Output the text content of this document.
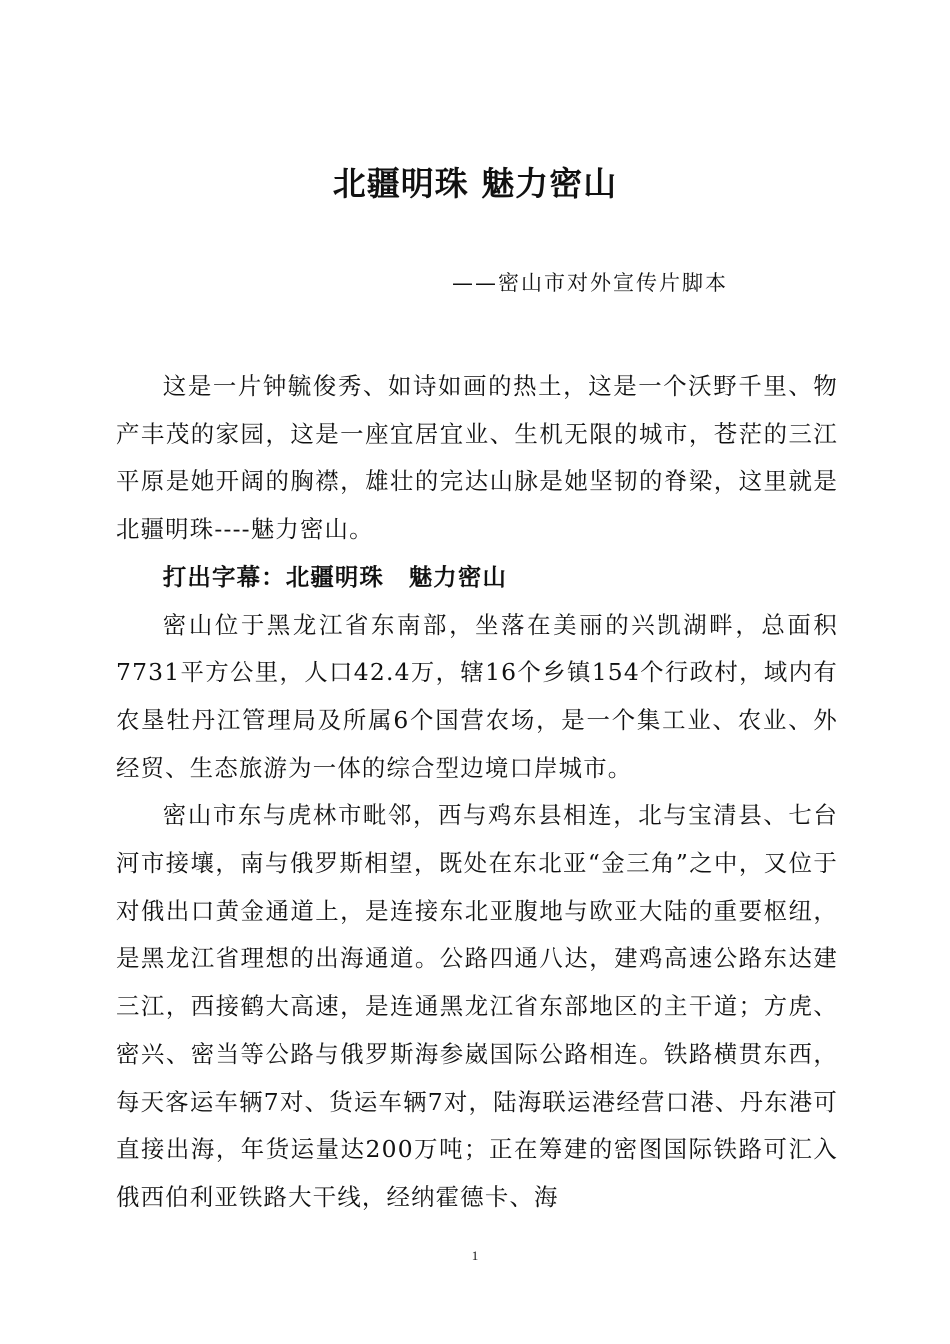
北疆明珠 魅力密山
——密山市对外宣传片脚本

这是一片钟毓俊秀、如诗如画的热土，这是一个沃野千里、物产丰茂的家园，这是一座宜居宜业、生机无限的城市，苍茫的三江平原是她开阔的胸襟，雄壮的完达山脉是她坚韧的脊梁，这里就是北疆明珠----魅力密山。

打出字幕：北疆明珠　魅力密山

密山位于黑龙江省东南部，坐落在美丽的兴凯湖畔，总面积7731平方公里，人口42.4万，辖16个乡镇154个行政村，域内有农垦牡丹江管理局及所属6个国营农场，是一个集工业、农业、外经贸、生态旅游为一体的综合型边境口岸城市。

密山市东与虎林市毗邻，西与鸡东县相连，北与宝清县、七台河市接壤，南与俄罗斯相望，既处在东北亚“金三角”之中，又位于对俄出口黄金通道上，是连接东北亚腹地与欧亚大陆的重要枢纽，是黑龙江省理想的出海通道。公路四通八达，建鸡高速公路东达建三江，西接鹤大高速，是连通黑龙江省东部地区的主干道；方虎、密兴、密当等公路与俄罗斯海参崴国际公路相连。铁路横贯东西，每天客运车辆7对、货运车辆7对，陆海联运港经营口港、丹东港可直接出海，年货运量达200万吨；正在筹建的密图国际铁路可汇入俄西伯利亚铁路大干线，经纳霍德卡、海

1
